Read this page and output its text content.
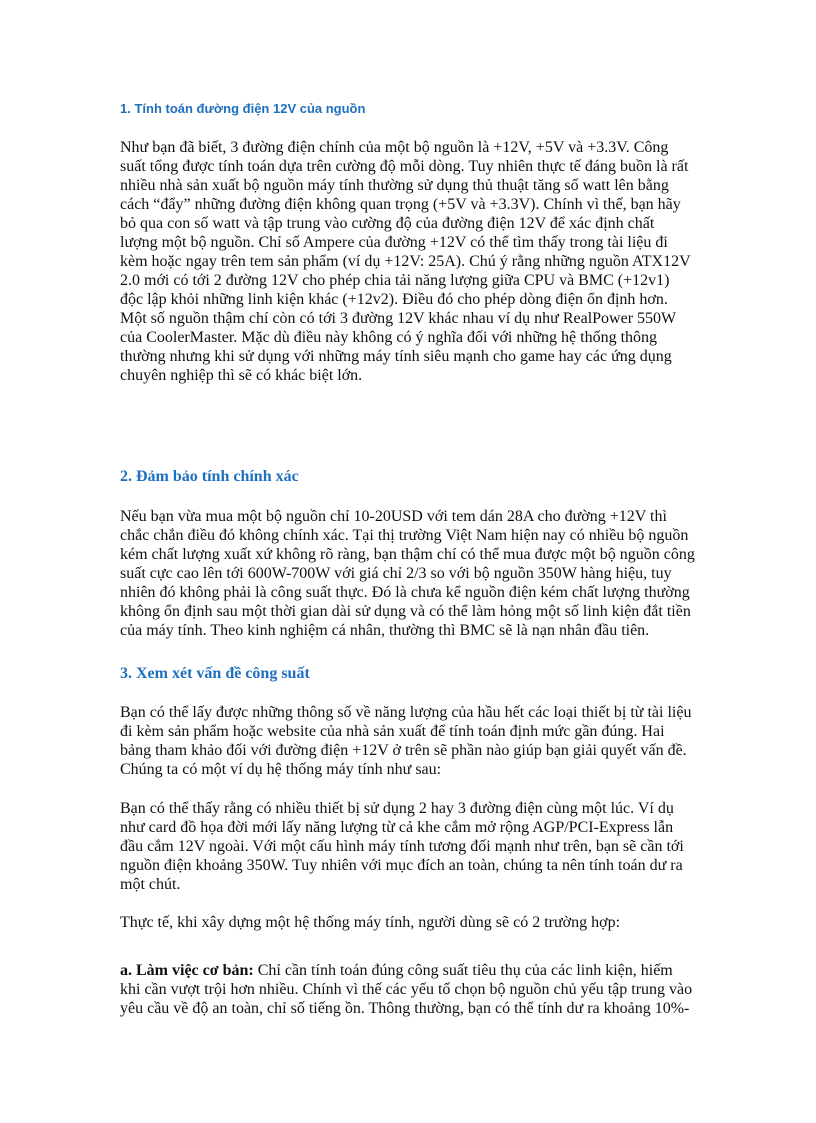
1. Tính toán đường điện 12V của nguồn
Như bạn đã biết, 3 đường điện chính của một bộ nguồn là +12V, +5V và +3.3V. Công
suất tổng được tính toán dựa trên cường độ mỗi dòng. Tuy nhiên thực tế đáng buồn là rất
nhiều nhà sản xuất bộ nguồn máy tính thường sử dụng thủ thuật tăng số watt lên bằng
cách “đẩy” những đường điện không quan trọng (+5V và +3.3V). Chính vì thế, bạn hãy
bỏ qua con số watt và tập trung vào cường độ của đường điện 12V để xác định chất
lượng một bộ nguồn. Chỉ số Ampere của đường +12V có thể tìm thấy trong tài liệu đi
kèm hoặc ngay trên tem sản phẩm (ví dụ +12V: 25A). Chú ý rằng những nguồn ATX12V
2.0 mới có tới 2 đường 12V cho phép chia tải năng lượng giữa CPU và BMC (+12v1)
độc lập khỏi những linh kiện khác (+12v2). Điều đó cho phép dòng điện ổn định hơn.
Một số nguồn thậm chí còn có tới 3 đường 12V khác nhau ví dụ như RealPower 550W
của CoolerMaster. Mặc dù điều này không có ý nghĩa đối với những hệ thống thông
thường nhưng khi sử dụng với những máy tính siêu mạnh cho game hay các ứng dụng
chuyên nghiệp thì sẽ có khác biệt lớn.
2. Đảm bảo tính chính xác
Nếu bạn vừa mua một bộ nguồn chỉ 10-20USD với tem dán 28A cho đường +12V thì
chắc chắn điều đó không chính xác. Tại thị trường Việt Nam hiện nay có nhiều bộ nguồn
kém chất lượng xuất xứ không rõ ràng, bạn thậm chí có thể mua được một bộ nguồn công
suất cực cao lên tới 600W-700W với giá chỉ 2/3 so với bộ nguồn 350W hàng hiệu, tuy
nhiên đó không phải là công suất thực. Đó là chưa kể nguồn điện kém chất lượng thường
không ổn định sau một thời gian dài sử dụng và có thể làm hỏng một số linh kiện đắt tiền
của máy tính. Theo kinh nghiệm cá nhân, thường thì BMC sẽ là nạn nhân đầu tiên.
3. Xem xét vấn đề công suất
Bạn có thể lấy được những thông số về năng lượng của hầu hết các loại thiết bị từ tài liệu
đi kèm sản phẩm hoặc website của nhà sản xuất để tính toán định mức gần đúng. Hai
bảng tham khảo đối với đường điện +12V ở trên sẽ phần nào giúp bạn giải quyết vấn đề.
Chúng ta có một ví dụ hệ thống máy tính như sau:
Bạn có thể thấy rằng có nhiều thiết bị sử dụng 2 hay 3 đường điện cùng một lúc. Ví dụ
như card đồ họa đời mới lấy năng lượng từ cả khe cắm mở rộng AGP/PCI-Express lẫn
đầu cắm 12V ngoài. Với một cấu hình máy tính tương đối mạnh như trên, bạn sẽ cần tới
nguồn điện khoảng 350W. Tuy nhiên với mục đích an toàn, chúng ta nên tính toán dư ra
một chút.
Thực tế, khi xây dựng một hệ thống máy tính, người dùng sẽ có 2 trường hợp:
a. Làm việc cơ bản: Chỉ cần tính toán đúng công suất tiêu thụ của các linh kiện, hiếm
khi cần vượt trội hơn nhiều. Chính vì thế các yếu tố chọn bộ nguồn chủ yếu tập trung vào
yêu cầu về độ an toàn, chỉ số tiếng ồn. Thông thường, bạn có thể tính dư ra khoảng 10%-
